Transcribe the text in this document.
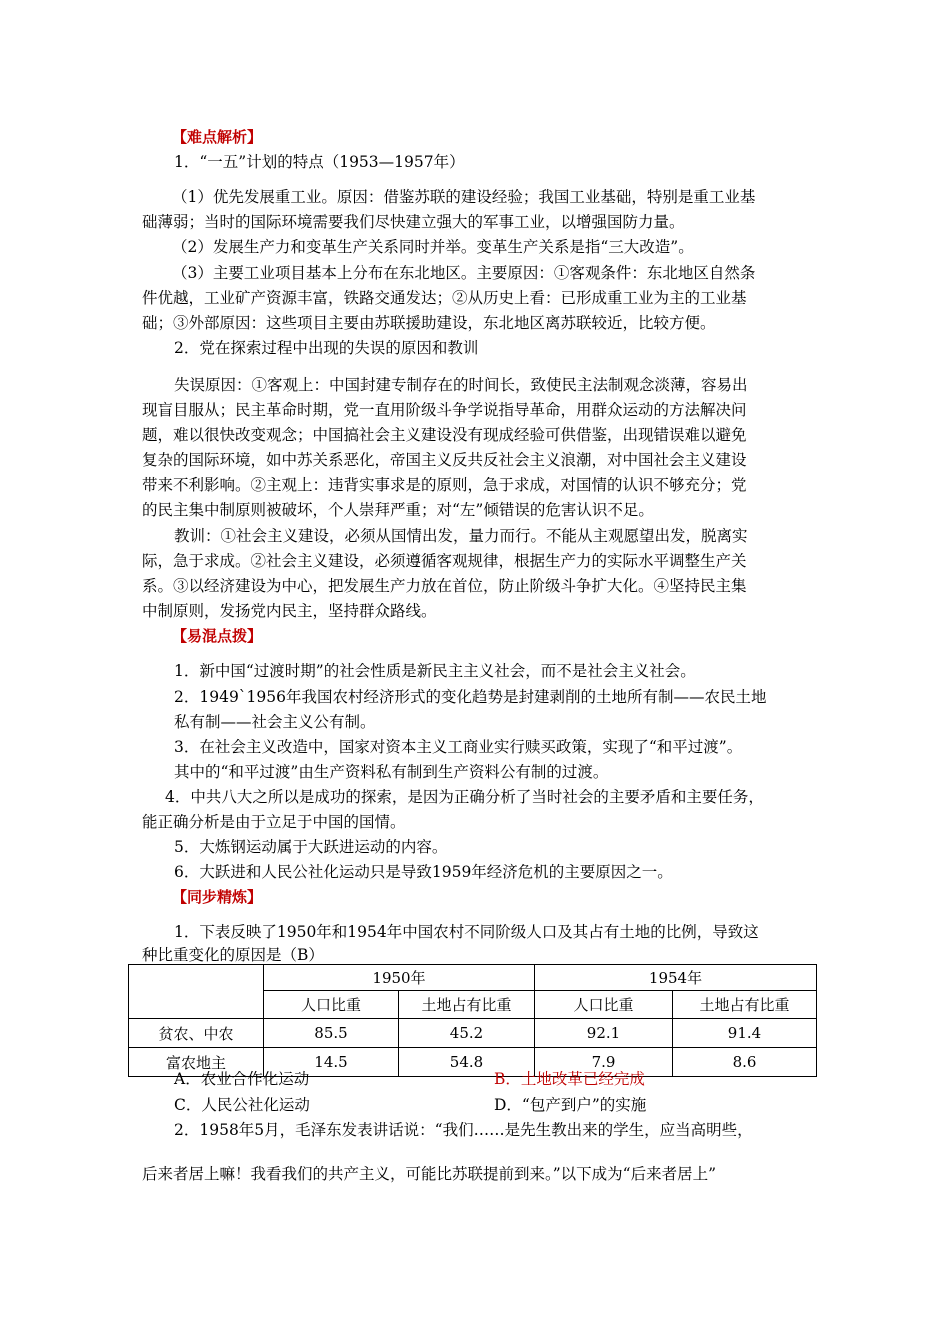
【难点解析】
1．“一五”计划的特点（1953—1957年）
（1）优先发展重工业。原因：借鉴苏联的建设经验；我国工业基础，特别是重工业基
础薄弱；当时的国际环境需要我们尽快建立强大的军事工业，以增强国防力量。
（2）发展生产力和变革生产关系同时并举。变革生产关系是指“三大改造”。
（3）主要工业项目基本上分布在东北地区。主要原因：①客观条件：东北地区自然条
件优越，工业矿产资源丰富，铁路交通发达；②从历史上看：已形成重工业为主的工业基
础；③外部原因：这些项目主要由苏联援助建设，东北地区离苏联较近，比较方便。
2．党在探索过程中出现的失误的原因和教训
失误原因：①客观上：中国封建专制存在的时间长，致使民主法制观念淡薄，容易出
现盲目服从；民主革命时期，党一直用阶级斗争学说指导革命，用群众运动的方法解决问
题，难以很快改变观念；中国搞社会主义建设没有现成经验可供借鉴，出现错误难以避免
复杂的国际环境，如中苏关系恶化，帝国主义反共反社会主义浪潮，对中国社会主义建设
带来不利影响。②主观上：违背实事求是的原则，急于求成，对国情的认识不够充分；党
的民主集中制原则被破坏，个人崇拜严重；对“左”倾错误的危害认识不足。
教训：①社会主义建设，必须从国情出发，量力而行。不能从主观愿望出发，脱离实
际，急于求成。②社会主义建设，必须遵循客观规律，根据生产力的实际水平调整生产关
系。③以经济建设为中心，把发展生产力放在首位，防止阶级斗争扩大化。④坚持民主集
中制原则，发扬党内民主，坚持群众路线。
【易混点拨】
1．新中国“过渡时期”的社会性质是新民主主义社会，而不是社会主义社会。
2．1949`1956年我国农村经济形式的变化趋势是封建剥削的土地所有制——农民土地
私有制——社会主义公有制。
3．在社会主义改造中，国家对资本主义工商业实行赎买政策，实现了“和平过渡”。
其中的“和平过渡”由生产资料私有制到生产资料公有制的过渡。
4．中共八大之所以是成功的探索，是因为正确分析了当时社会的主要矛盾和主要任务，
能正确分析是由于立足于中国的国情。
5．大炼钢运动属于大跃进运动的内容。
6．大跃进和人民公社化运动只是导致1959年经济危机的主要原因之一。
【同步精炼】
1．下表反映了1950年和1954年中国农村不同阶级人口及其占有土地的比例，导致这
种比重变化的原因是（B）
	1950年		1954年	
	人口比重	土地占有比重	人口比重	土地占有比重
贫农、中农	85.5	45.2	92.1	91.4
富农地主	14.5	54.8	7.9	8.6
A．农业合作化运动	B．土地改革已经完成
C．人民公社化运动	D．“包产到户”的实施
2．1958年5月，毛泽东发表讲话说：“我们……是先生教出来的学生，应当高明些，
后来者居上嘛！我看我们的共产主义，可能比苏联提前到来。”以下成为“后来者居上”
